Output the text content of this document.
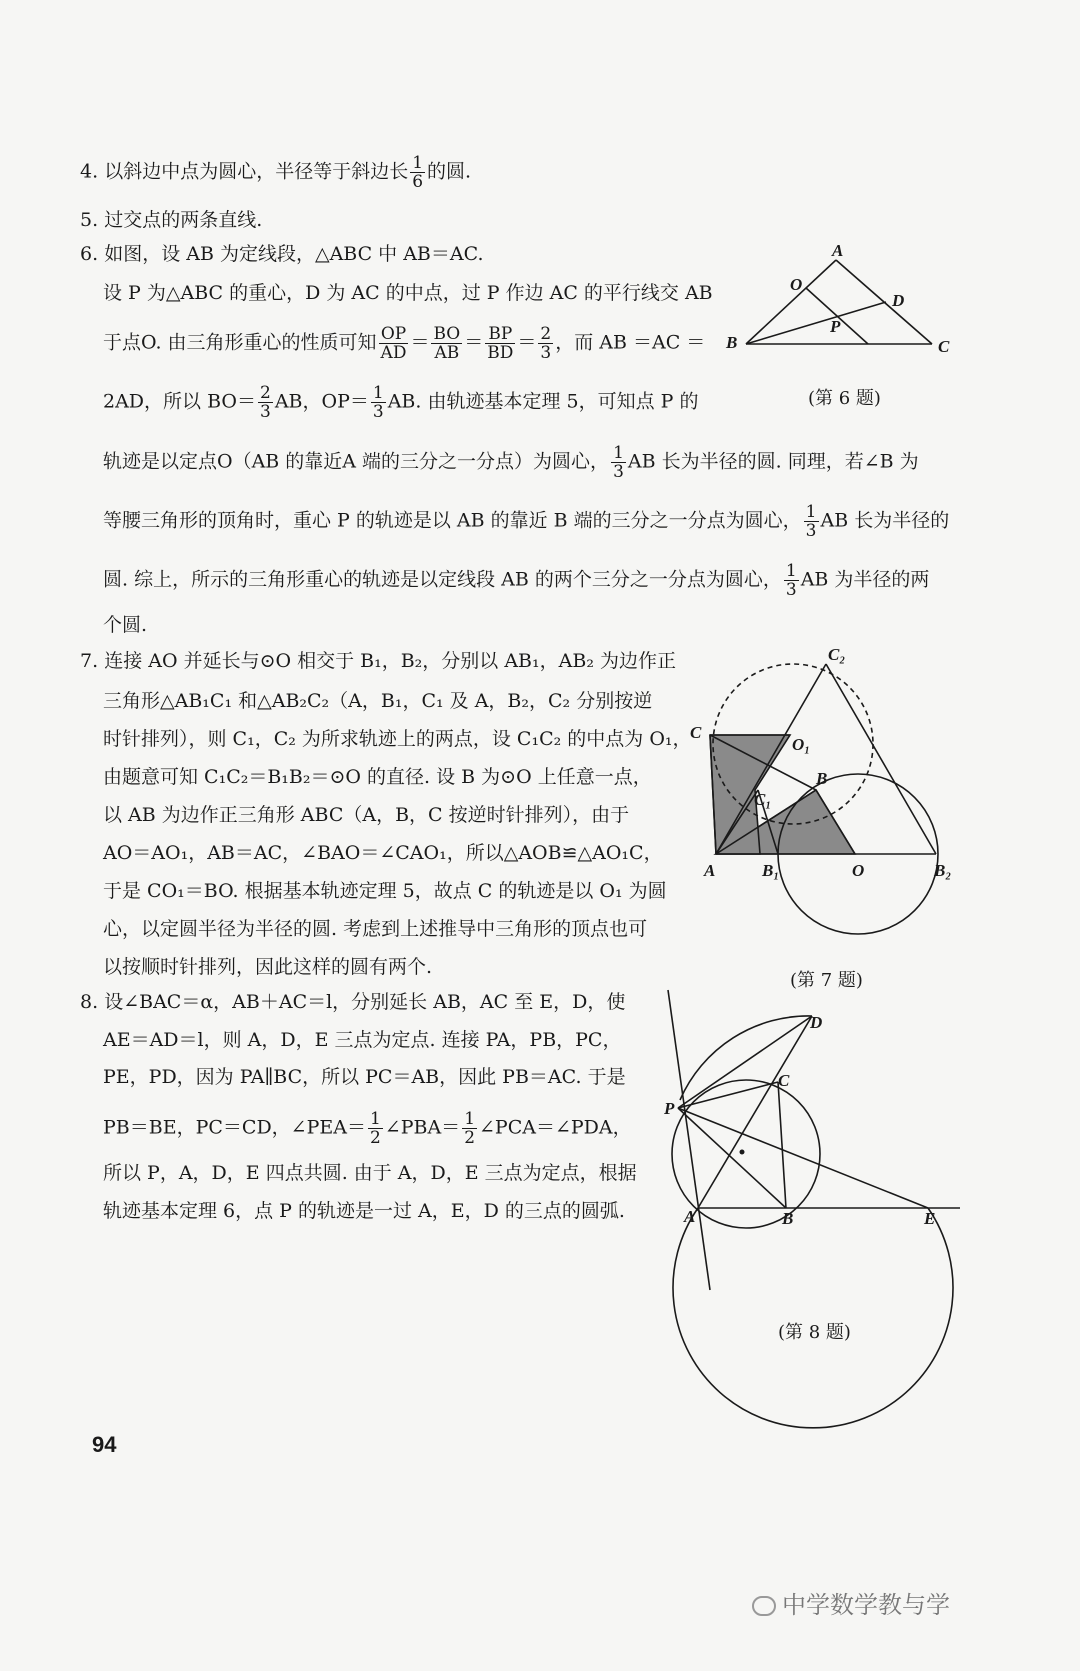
4. 以斜边中点为圆心，半径等于斜边长 $\frac{1}{6}$ 的圆.
5. 过交点的两条直线.
6. 如图，设 AB 为定线段，△ABC 中 AB＝AC.
设 P 为△ABC 的重心，D 为 AC 的中点，过 P 作边 AC 的平行线交 AB
于点O. 由三角形重心的性质可知 $\frac{OP}{AD} = \frac{BO}{AB} = \frac{BP}{BD} = \frac{2}{3}$ ，而 AB ＝AC ＝
2AD，所以 $BO= \frac{2}{3}$ AB，$OP= \frac{1}{3}$ AB. 由轨迹基本定理 5，可知点 P 的
轨迹是以定点O（AB 的靠近A 端的三分之一分点）为圆心， $\frac{1}{3}$ AB 长为半径的圆. 同理，若∠B 为
等腰三角形的顶角时，重心 P 的轨迹是以 AB 的靠近 B 端的三分之一分点为圆心， $\frac{1}{3}$ AB 长为半径的
圆. 综上，所示的三角形重心的轨迹是以定线段 AB 的两个三分之一分点为圆心， $\frac{1}{3}$ AB 为半径的两
个圆.
(第 6 题)
A
B	C
D
O
P
7. 连接 AO 并延长与⊙O 相交于 B₁，B₂，分别以 AB₁，AB₂ 为边作正
三角形△AB₁C₁ 和△AB₂C₂（A，B₁，C₁ 及 A，B₂，C₂ 分别按逆
时针排列），则 C₁，C₂ 为所求轨迹上的两点，设 C₁C₂ 的中点为 O₁，
由题意可知 C₁C₂＝B₁B₂＝⊙O 的直径. 设 B 为⊙O 上任意一点，
以 AB 为边作正三角形 ABC（A，B，C 按逆时针排列），由于
AO＝AO₁，AB＝AC，∠BAO＝∠CAO₁，所以△AOB≌△AO₁C，
于是 CO₁＝BO. 根据基本轨迹定理 5，故点 C 的轨迹是以 O₁ 为圆
心，以定圆半径为半径的圆. 考虑到上述推导中三角形的顶点也可
以按顺时针排列，因此这样的圆有两个.
(第 7 题)
C₂
C
O₁
B
C₁
A	B₁	O	B₂
8. 设∠BAC＝α，AB＋AC＝l，分别延长 AB，AC 至 E，D，使
AE＝AD＝l，则 A，D，E 三点为定点. 连接 PA，PB，PC，
PE，PD，因为 PA∥BC，所以 PC＝AB，因此 PB＝AC. 于是
PB＝BE，PC＝CD，∠PEA＝ $\frac{1}{2}$ ∠PBA＝ $\frac{1}{2}$ ∠PCA＝∠PDA，
所以 P，A，D，E 四点共圆. 由于 A，D，E 三点为定点，根据
轨迹基本定理 6，点 P 的轨迹是一过 A，E，D 的三点的圆弧.
(第 8 题)
D
C
P
A	B	E
94
中学数学教与学
